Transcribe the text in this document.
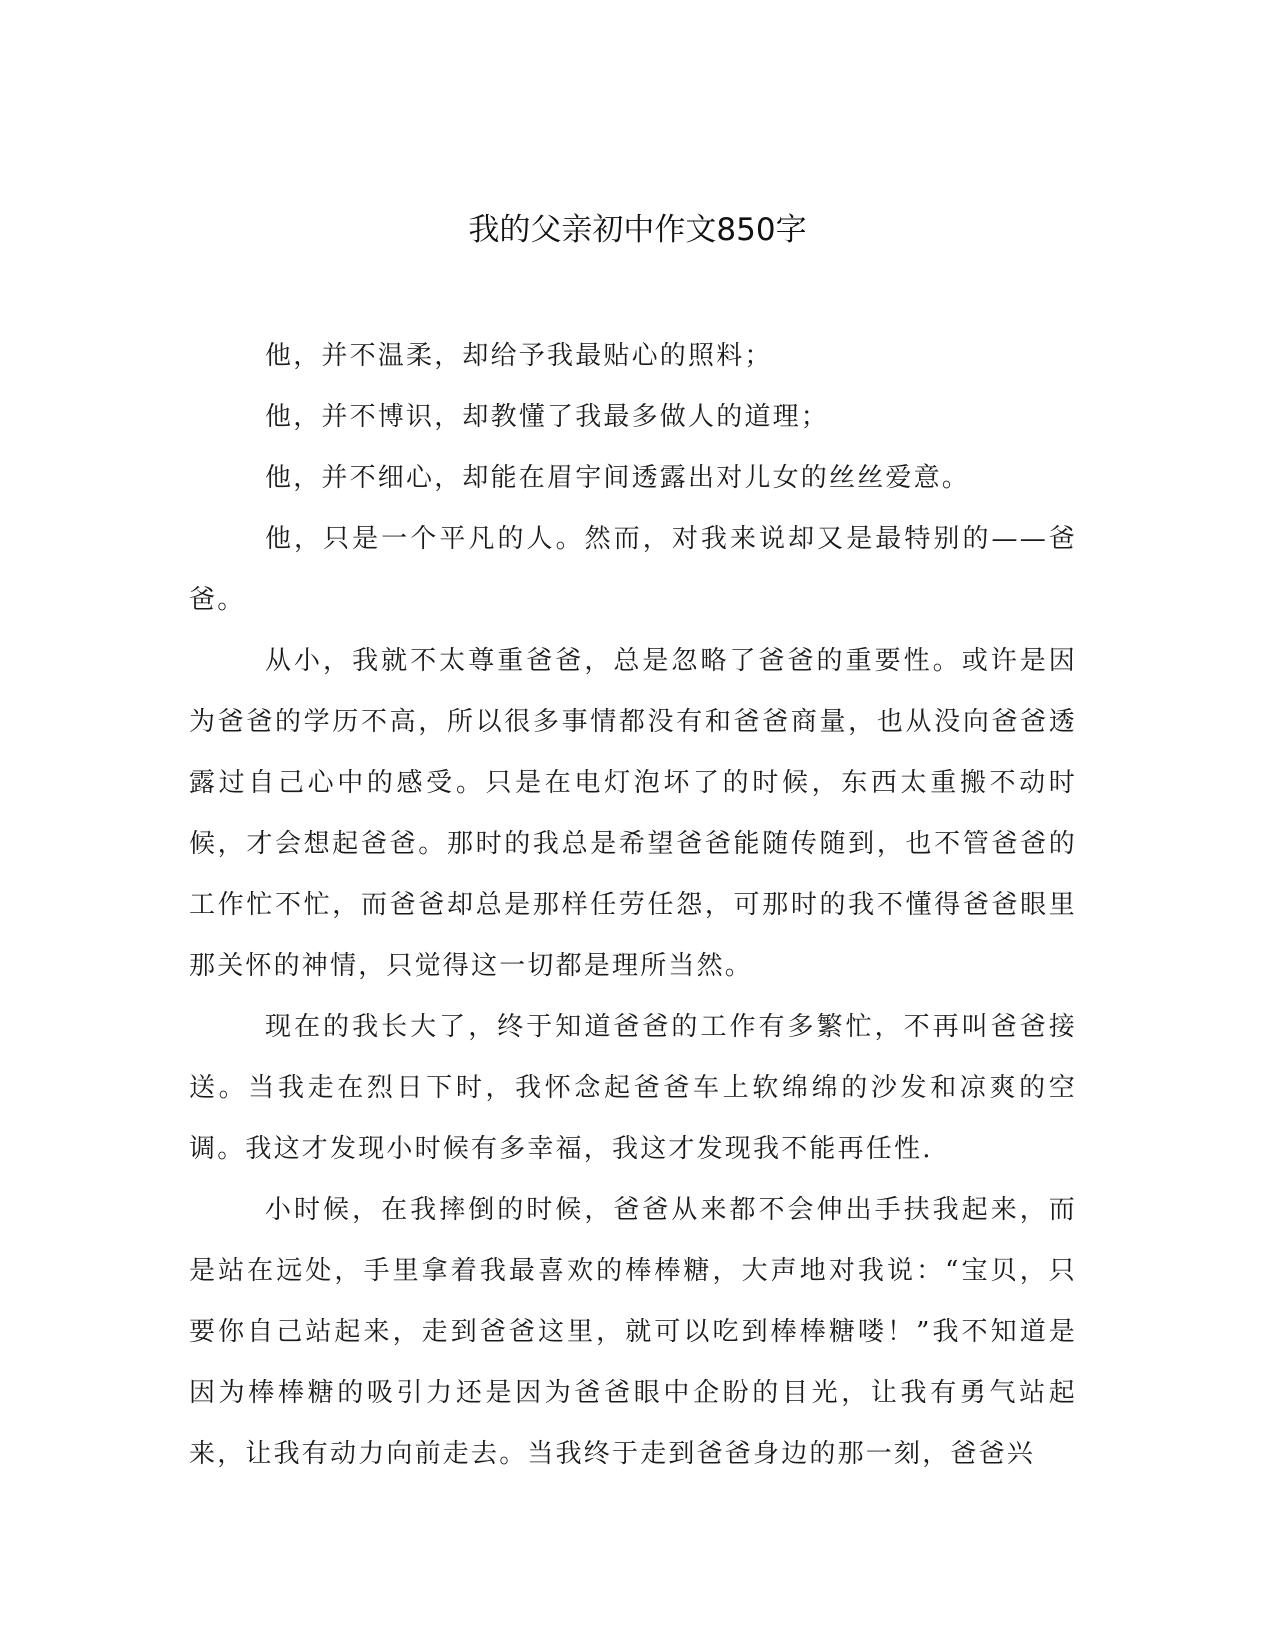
我的父亲初中作文850字

他，并不温柔，却给予我最贴心的照料；

他，并不博识，却教懂了我最多做人的道理；

他，并不细心，却能在眉宇间透露出对儿女的丝丝爱意。

他，只是一个平凡的人。然而，对我来说却又是最特别的——爸爸。

从小，我就不太尊重爸爸，总是忽略了爸爸的重要性。或许是因为爸爸的学历不高，所以很多事情都没有和爸爸商量，也从没向爸爸透露过自己心中的感受。只是在电灯泡坏了的时候，东西太重搬不动时候，才会想起爸爸。那时的我总是希望爸爸能随传随到，也不管爸爸的工作忙不忙，而爸爸却总是那样任劳任怨，可那时的我不懂得爸爸眼里那关怀的神情，只觉得这一切都是理所当然。

现在的我长大了，终于知道爸爸的工作有多繁忙，不再叫爸爸接送。当我走在烈日下时，我怀念起爸爸车上软绵绵的沙发和凉爽的空调。我这才发现小时候有多幸福，我这才发现我不能再任性.

小时候，在我摔倒的时候，爸爸从来都不会伸出手扶我起来，而是站在远处，手里拿着我最喜欢的棒棒糖，大声地对我说：“宝贝，只要你自己站起来，走到爸爸这里，就可以吃到棒棒糖喽！”我不知道是因为棒棒糖的吸引力还是因为爸爸眼中企盼的目光，让我有勇气站起来，让我有动力向前走去。当我终于走到爸爸身边的那一刻，爸爸兴
